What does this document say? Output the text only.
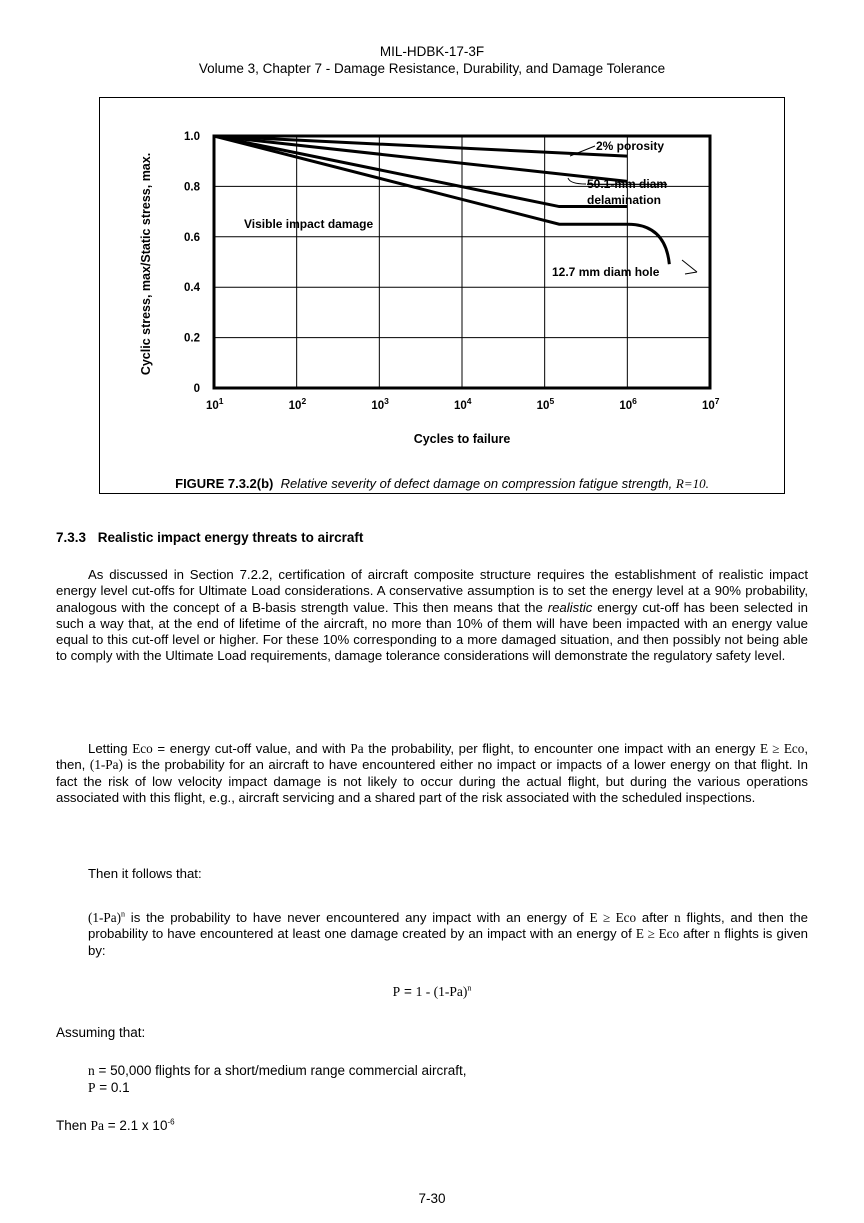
MIL-HDBK-17-3F
Volume 3, Chapter 7 - Damage Resistance, Durability, and Damage Tolerance
2% porosity
50.1-mm diam
delamination
Visible impact damage
12.7 mm diam hole
1.0
0.8
0.6
0.4
0.2
0
$10^1$	$10^2$	$10^3$	$10^4$	$10^5$	$10^6$	$10^7$
Cycles to failure
Cyclic stress, max/Static stress, max.
FIGURE 7.3.2(b) Relative severity of defect damage on compression fatigue strength, R=10.
7.3.3 Realistic impact energy threats to aircraft
As discussed in Section 7.2.2, certification of aircraft composite structure requires the establishment of realistic impact energy level cut-offs for Ultimate Load considerations. A conservative assumption is to set the energy level at a 90% probability, analogous with the concept of a B-basis strength value. This then means that the realistic energy cut-off has been selected in such a way that, at the end of lifetime of the aircraft, no more than 10% of them will have been impacted with an energy value equal to this cut-off level or higher. For these 10% corresponding to a more damaged situation, and then possibly not being able to comply with the Ultimate Load requirements, damage tolerance considerations will demonstrate the regulatory safety level.
Letting Eco = energy cut-off value, and with Pa the probability, per flight, to encounter one impact with an energy E ≥ Eco, then, (1-Pa) is the probability for an aircraft to have encountered either no impact or impacts of a lower energy on that flight. In fact the risk of low velocity impact damage is not likely to occur during the actual flight, but during the various operations associated with this flight, e.g., aircraft servicing and a shared part of the risk associated with the scheduled inspections.
Then it follows that:
$(1-Pa)^n$ is the probability to have never encountered any impact with an energy of E ≥ Eco after n flights, and then the probability to have encountered at least one damage created by an impact with an energy of E ≥ Eco after n flights is given by:
$P = 1 - (1-Pa)^n$
Assuming that:
n = 50,000 flights for a short/medium range commercial aircraft,
P = 0.1
Then Pa = 2.1 x $10^{-6}$
7-30
